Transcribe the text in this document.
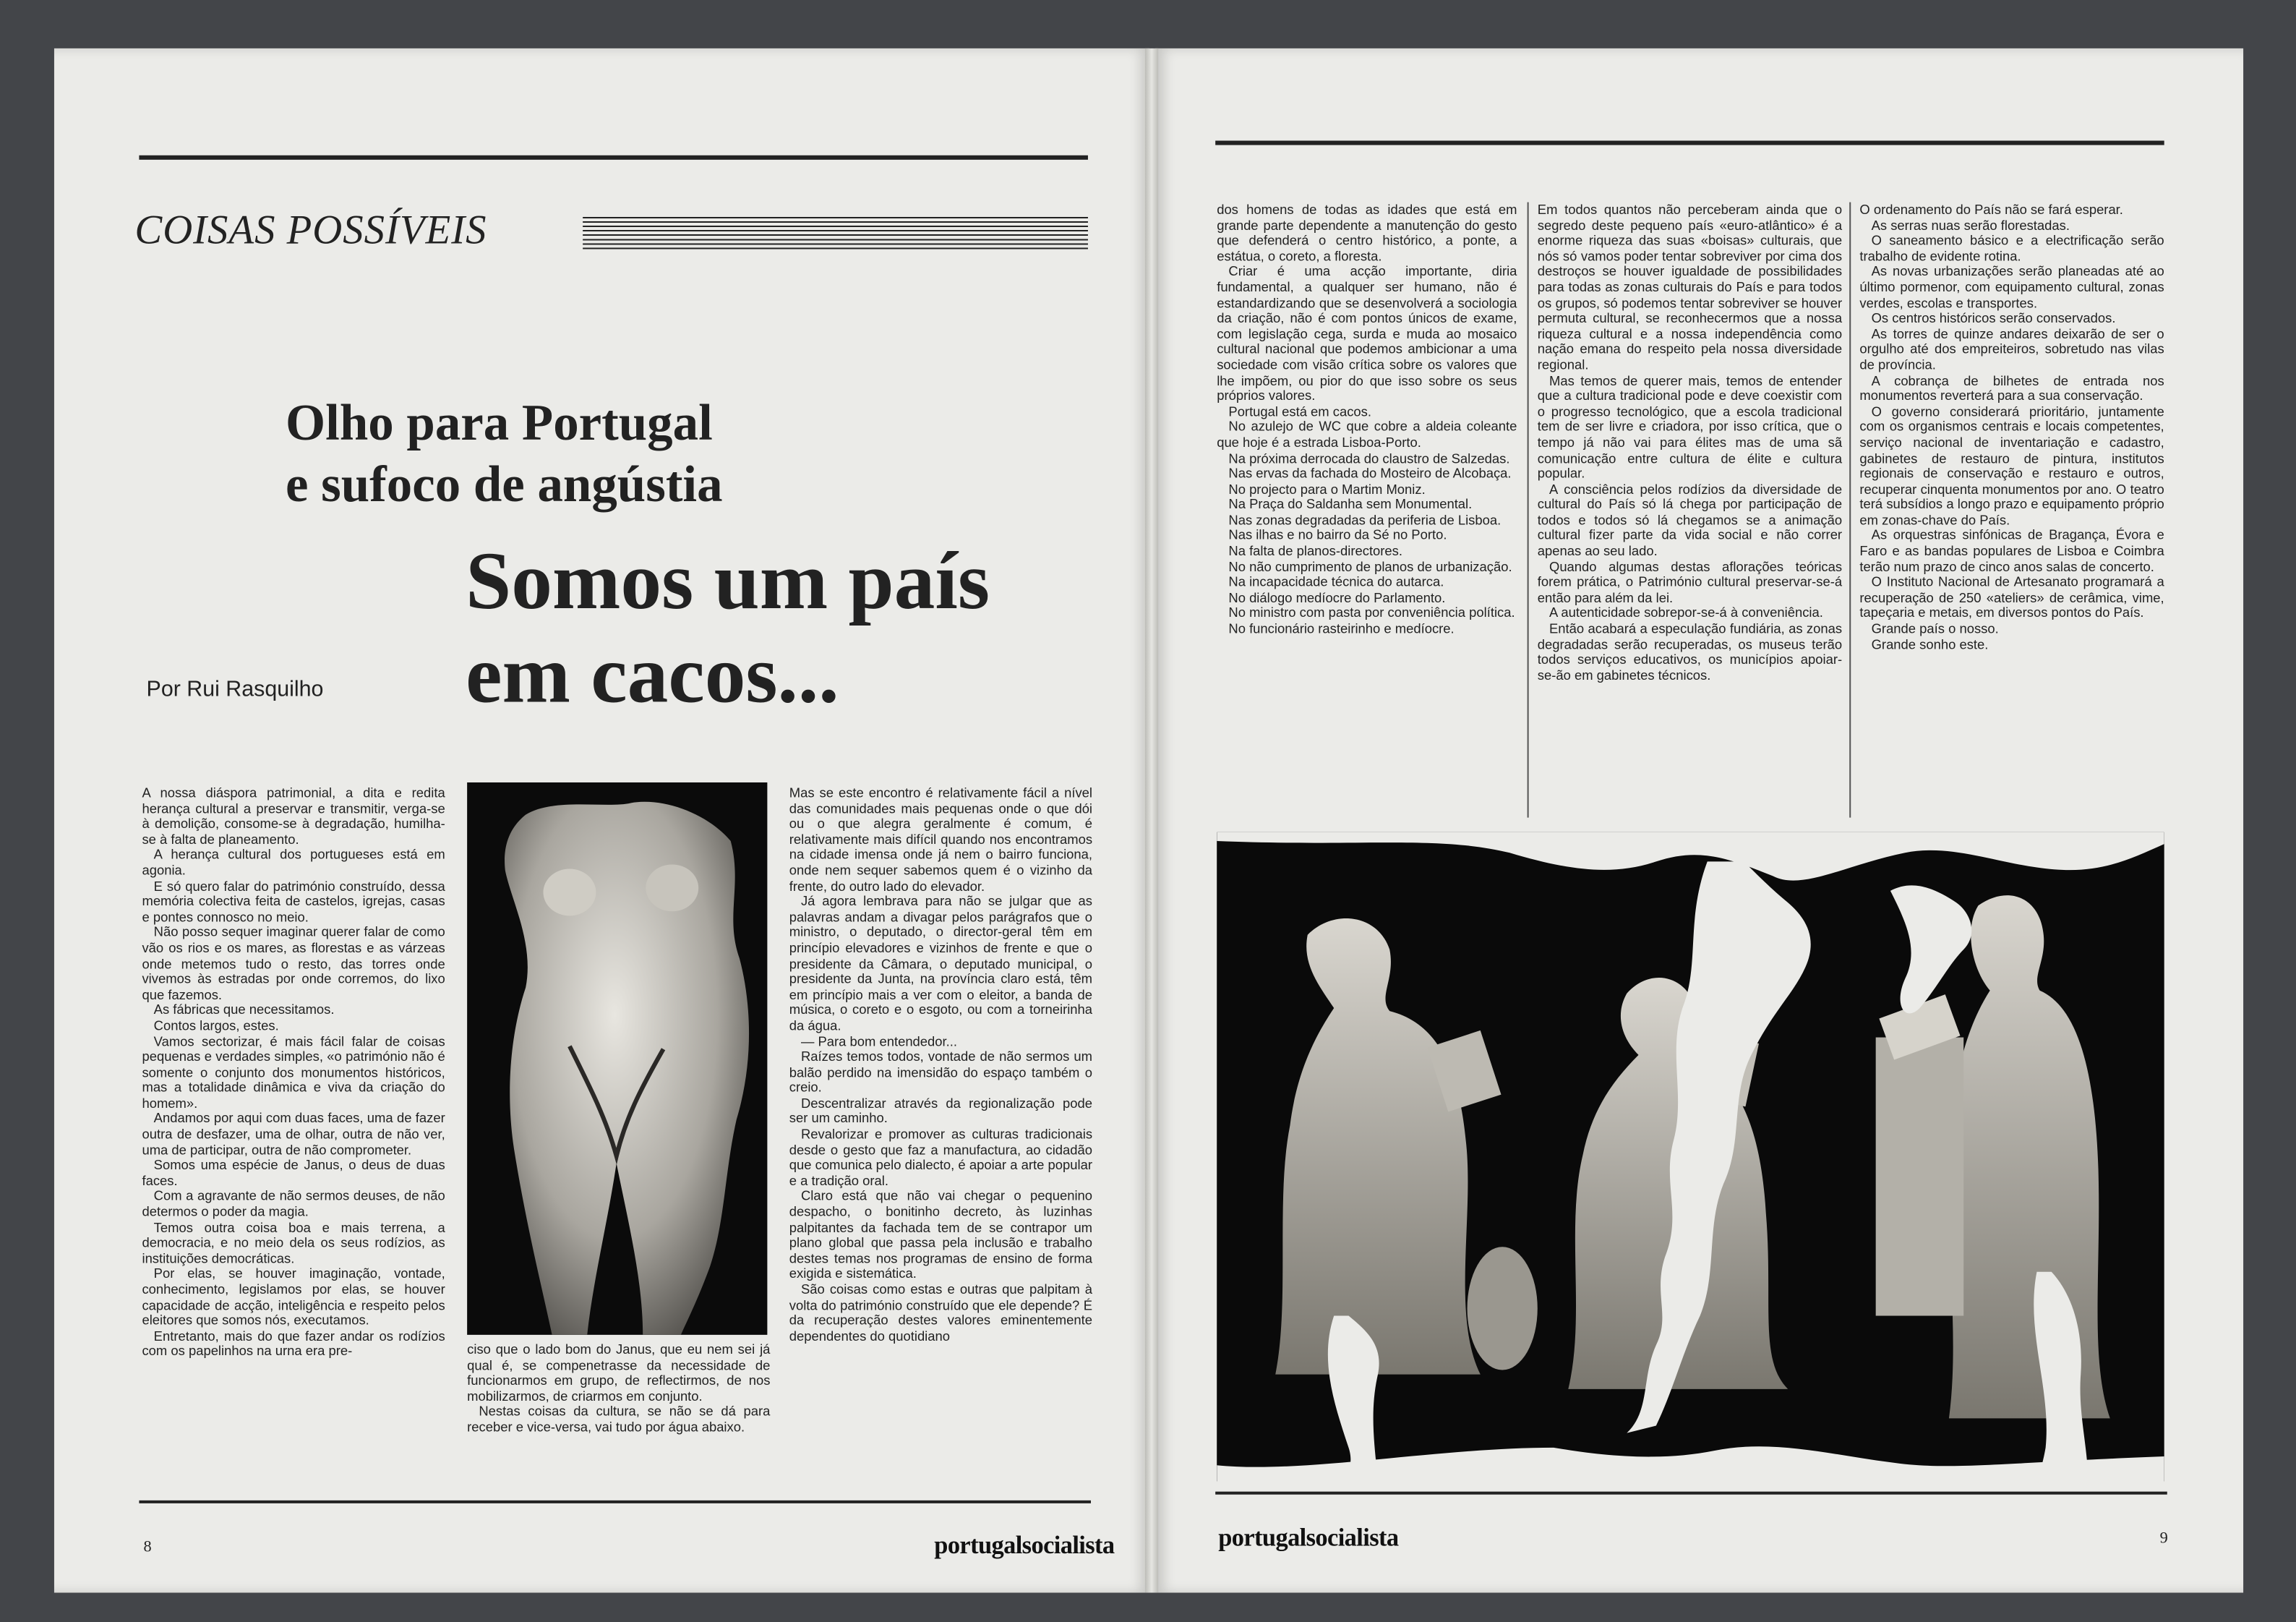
COISAS POSSÍVEIS
Olho para Portugal
e sufoco de angústia
Somos um país
em cacos...
Por Rui Rasquilho

A nossa diáspora patrimonial, a dita e redita herança cultural a preservar e transmitir, verga-se à demolição, consome-se à degradação, humilha-se à falta de planeamento.

A herança cultural dos portugueses está em agonia.

E só quero falar do património construído, dessa memória colectiva feita de castelos, igrejas, casas e pontes connosco no meio.

Não posso sequer imaginar querer falar de como vão os rios e os mares, as florestas e as várzeas onde metemos tudo o resto, das torres onde vivemos às estradas por onde corremos, do lixo que fazemos.

As fábricas que necessitamos.

Contos largos, estes.

Vamos sectorizar, é mais fácil falar de coisas pequenas e verdades simples, «o património não é somente o conjunto dos monumentos históricos, mas a totalidade dinâmica e viva da criação do homem».

Andamos por aqui com duas faces, uma de fazer outra de desfazer, uma de olhar, outra de não ver, uma de participar, outra de não comprometer.

Somos uma espécie de Janus, o deus de duas faces.

Com a agravante de não sermos deuses, de não determos o poder da magia.

Temos outra coisa boa e mais terrena, a democracia, e no meio dela os seus rodízios, as instituições democráticas.

Por elas, se houver imaginação, vontade, conhecimento, legislamos por elas, se houver capacidade de acção, inteligência e respeito pelos eleitores que somos nós, executamos.

Entretanto, mais do que fazer andar os rodízios com os papelinhos na urna era pre-	ciso que o lado bom do Janus, que eu nem sei já qual é, se compenetrasse da necessidade de funcionarmos em grupo, de reflectirmos, de nos mobilizarmos, de criarmos em conjunto.

Nestas coisas da cultura, se não se dá para receber e vice-versa, vai tudo por água abaixo.

Mas se este encontro é relativamente fácil a nível das comunidades mais pequenas onde o que dói ou o que alegra geralmente é comum, é relativamente mais difícil quando nos encontramos na cidade imensa onde já nem o bairro funciona, onde nem sequer sabemos quem é o vizinho da frente, do outro lado do elevador.

Já agora lembrava para não se julgar que as palavras andam a divagar pelos parágrafos que o ministro, o deputado, o director-geral têm em princípio elevadores e vizinhos de frente e que o presidente da Câmara, o deputado municipal, o presidente da Junta, na província claro está, têm em princípio mais a ver com o eleitor, a banda de música, o coreto e o esgoto, ou com a torneirinha da água.

— Para bom entendedor...

Raízes temos todos, vontade de não sermos um balão perdido na imensidão do espaço também o creio.

Descentralizar através da regionalização pode ser um caminho.

Revalorizar e promover as culturas tradicionais desde o gesto que faz a manufactura, ao cidadão que comunica pelo dialecto, é apoiar a arte popular e a tradição oral.

Claro está que não vai chegar o pequenino despacho, o bonitinho decreto, às luzinhas palpitantes da fachada tem de se contrapor um plano global que passa pela inclusão e trabalho destes temas nos programas de ensino de forma exigida e sistemática.

São coisas como estas e outras que palpitam à volta do património construído que ele depende? É da recuperação destes valores eminentemente dependentes do quotidiano

8	portugalsocialista

dos homens de todas as idades que está em grande parte dependente a manutenção do gesto que defenderá o centro histórico, a ponte, a estátua, o coreto, a floresta.

Criar é uma acção importante, diria fundamental, a qualquer ser humano, não é estandardizando que se desenvolverá a sociologia da criação, não é com pontos únicos de exame, com legislação cega, surda e muda ao mosaico cultural nacional que podemos ambicionar a uma sociedade com visão crítica sobre os valores que lhe impõem, ou pior do que isso sobre os seus próprios valores.

Portugal está em cacos.

No azulejo de WC que cobre a aldeia coleante que hoje é a estrada Lisboa-Porto.

Na próxima derrocada do claustro de Salzedas.

Nas ervas da fachada do Mosteiro de Alcobaça.

No projecto para o Martim Moniz.

Na Praça do Saldanha sem Monumental.

Nas zonas degradadas da periferia de Lisboa.

Nas ilhas e no bairro da Sé no Porto.

Na falta de planos-directores.

No não cumprimento de planos de urbanização.

Na incapacidade técnica do autarca.

No diálogo medíocre do Parlamento.

No ministro com pasta por conveniência política.

No funcionário rasteirinho e medíocre.

Em todos quantos não perceberam ainda que o segredo deste pequeno país «euro-atlântico» é a enorme riqueza das suas «boisas» culturais, que nós só vamos poder tentar sobreviver por cima dos destroços se houver igualdade de possibilidades para todas as zonas culturais do País e para todos os grupos, só podemos tentar sobreviver se houver permuta cultural, se reconhecermos que a nossa riqueza cultural e a nossa independência como nação emana do respeito pela nossa diversidade regional.

Mas temos de querer mais, temos de entender que a cultura tradicional pode e deve coexistir com o progresso tecnológico, que a escola tradicional tem de ser livre e criadora, por isso crítica, que o tempo já não vai para élites mas de uma sã comunicação entre cultura de élite e cultura popular.

A consciência pelos rodízios da diversidade de cultural do País só lá chega por participação de todos e todos só lá chegamos se a animação cultural fizer parte da vida social e não correr apenas ao seu lado.

Quando algumas destas aflorações teóricas forem prática, o Património cultural preservar-se-á então para além da lei.

A autenticidade sobrepor-se-á à conveniência.

Então acabará a especulação fundiária, as zonas degradadas serão recuperadas, os museus terão todos serviços educativos, os municípios apoiar-se-ão em gabinetes técnicos.

O ordenamento do País não se fará esperar.

As serras nuas serão florestadas.

O saneamento básico e a electrificação serão trabalho de evidente rotina.

As novas urbanizações serão planeadas até ao último pormenor, com equipamento cultural, zonas verdes, escolas e transportes.

Os centros históricos serão conservados.

As torres de quinze andares deixarão de ser o orgulho até dos empreiteiros, sobretudo nas vilas de província.

A cobrança de bilhetes de entrada nos monumentos reverterá para a sua conservação.

O governo considerará prioritário, juntamente com os organismos centrais e locais competentes, serviço nacional de inventariação e cadastro, gabinetes de restauro de pintura, institutos regionais de conservação e restauro e outros, recuperar cinquenta monumentos por ano. O teatro terá subsídios a longo prazo e equipamento próprio em zonas-chave do País.

As orquestras sinfónicas de Bragança, Évora e Faro e as bandas populares de Lisboa e Coimbra terão num prazo de cinco anos salas de concerto.

O Instituto Nacional de Artesanato programará a recuperação de 250 «ateliers» de cerâmica, vime, tapeçaria e metais, em diversos pontos do País.

Grande país o nosso.

Grande sonho este.

portugalsocialista	9
